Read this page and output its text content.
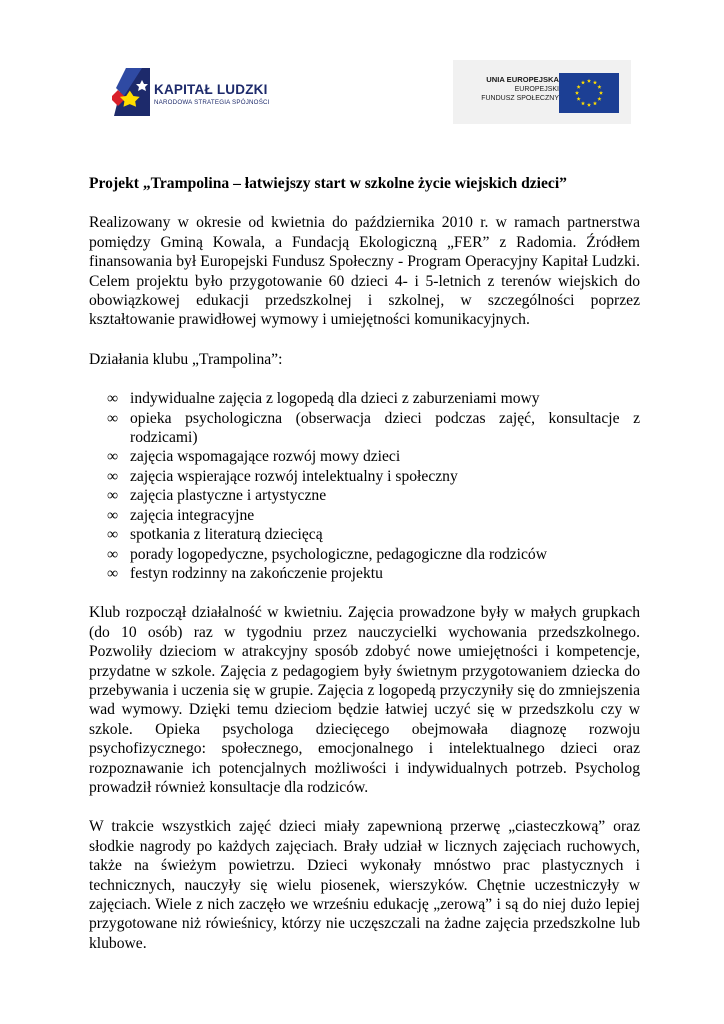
KAPITAŁ LUDZKI
NARODOWA STRATEGIA SPÓJNOŚCI
UNIA EUROPEJSKA
EUROPEJSKI
FUNDUSZ SPOŁECZNY
Projekt „Trampolina – łatwiejszy start w szkolne życie wiejskich dzieci”

Realizowany w okresie od kwietnia do października 2010 r. w ramach partnerstwa pomiędzy Gminą Kowala, a Fundacją Ekologiczną „FER” z Radomia. Źródłem finansowania był Europejski Fundusz Społeczny - Program Operacyjny Kapitał Ludzki. Celem projektu było przygotowanie 60 dzieci 4- i 5-letnich z terenów wiejskich do obowiązkowej edukacji przedszkolnej i szkolnej, w szczególności poprzez kształtowanie prawidłowej wymowy i umiejętności komunikacyjnych.

Działania klubu „Trampolina”:

∞ indywidualne zajęcia z logopedą dla dzieci z zaburzeniami mowy
∞ opieka psychologiczna (obserwacja dzieci podczas zajęć, konsultacje z rodzicami)
∞ zajęcia wspomagające rozwój mowy dzieci
∞ zajęcia wspierające rozwój intelektualny i społeczny
∞ zajęcia plastyczne i artystyczne
∞ zajęcia integracyjne
∞ spotkania z literaturą dziecięcą
∞ porady logopedyczne, psychologiczne, pedagogiczne dla rodziców
∞ festyn rodzinny na zakończenie projektu

Klub rozpoczął działalność w kwietniu. Zajęcia prowadzone były w małych grupkach (do 10 osób) raz w tygodniu przez nauczycielki wychowania przedszkolnego. Pozwoliły dzieciom w atrakcyjny sposób zdobyć nowe umiejętności i kompetencje, przydatne w szkole. Zajęcia z pedagogiem były świetnym przygotowaniem dziecka do przebywania i uczenia się w grupie. Zajęcia z logopedą przyczyniły się do zmniejszenia wad wymowy. Dzięki temu dzieciom będzie łatwiej uczyć się w przedszkolu czy w szkole. Opieka psychologa dziecięcego obejmowała diagnozę rozwoju psychofizycznego: społecznego, emocjonalnego i intelektualnego dzieci oraz rozpoznawanie ich potencjalnych możliwości i indywidualnych potrzeb. Psycholog prowadził również konsultacje dla rodziców.

W trakcie wszystkich zajęć dzieci miały zapewnioną przerwę „ciasteczkową” oraz słodkie nagrody po każdych zajęciach. Brały udział w licznych zajęciach ruchowych, także na świeżym powietrzu. Dzieci wykonały mnóstwo prac plastycznych i technicznych, nauczyły się wielu piosenek, wierszyków. Chętnie uczestniczyły w zajęciach. Wiele z nich zaczęło we wrześniu edukację „zerową” i są do niej dużo lepiej przygotowane niż rówieśnicy, którzy nie uczęszczali na żadne zajęcia przedszkolne lub klubowe.
